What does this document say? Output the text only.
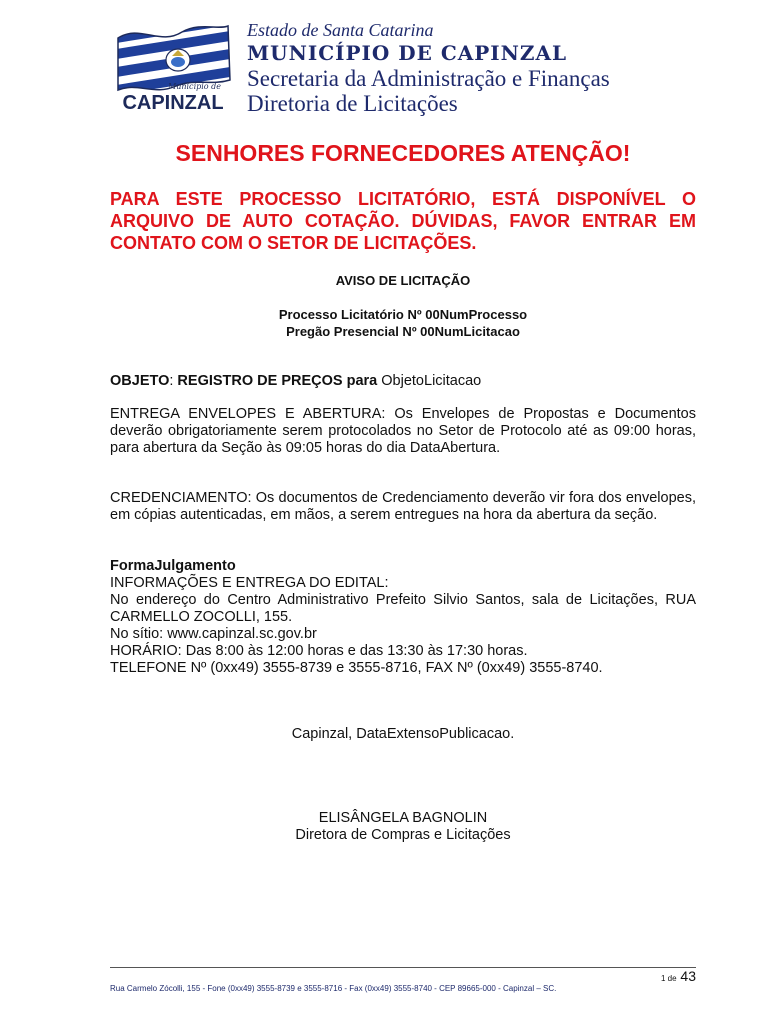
Município de
CAPINZAL
Estado de Santa Catarina
MUNICÍPIO DE CAPINZAL
Secretaria da Administração e Finanças
Diretoria de Licitações
SENHORES FORNECEDORES ATENÇÃO!
PARA ESTE PROCESSO LICITATÓRIO, ESTÁ DISPONÍVEL O ARQUIVO DE AUTO COTAÇÃO. DÚVIDAS, FAVOR ENTRAR EM CONTATO COM O SETOR DE LICITAÇÕES.
AVISO DE LICITAÇÃO
Processo Licitatório Nº 00NumProcesso
Pregão Presencial Nº 00NumLicitacao
OBJETO: REGISTRO DE PREÇOS para ObjetoLicitacao
ENTREGA ENVELOPES E ABERTURA: Os Envelopes de Propostas e Documentos deverão obrigatoriamente serem protocolados no Setor de Protocolo até as 09:00 horas, para abertura da Seção às 09:05 horas do dia DataAbertura.
CREDENCIAMENTO: Os documentos de Credenciamento deverão vir fora dos envelopes, em cópias autenticadas, em mãos, a serem entregues na hora da abertura da seção.
FormaJulgamento
INFORMAÇÕES E ENTREGA DO EDITAL:
No endereço do Centro Administrativo Prefeito Silvio Santos, sala de Licitações, RUA CARMELLO ZOCOLLI, 155.
No sítio: www.capinzal.sc.gov.br
HORÁRIO: Das 8:00 às 12:00 horas e das 13:30 às 17:30 horas.
TELEFONE Nº (0xx49) 3555-8739 e 3555-8716, FAX Nº (0xx49) 3555-8740.
Capinzal, DataExtensoPublicacao.
ELISÂNGELA BAGNOLIN
Diretora de Compras e Licitações
1 de 43
Rua Carmelo Zócolli, 155 - Fone (0xx49) 3555-8739 e 3555-8716 - Fax (0xx49) 3555-8740 - CEP 89665-000 - Capinzal – SC.
